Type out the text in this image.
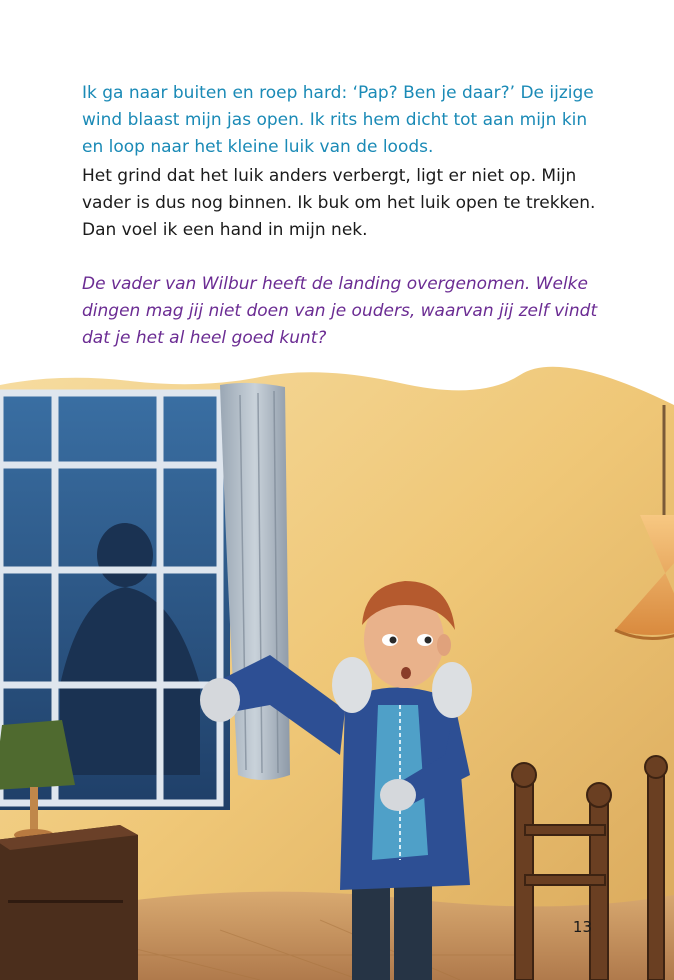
Ik ga naar buiten en roep hard: ‘Pap? Ben je daar?’ De ijzige
wind blaast mijn jas open. Ik rits hem dicht tot aan mijn kin
en loop naar het kleine luik van de loods.
Het grind dat het luik anders verbergt, ligt er niet op. Mijn
vader is dus nog binnen. Ik buk om het luik open te trekken.
Dan voel ik een hand in mijn nek.
De vader van Wilbur heeft de landing overgenomen. Welke
dingen mag jij niet doen van je ouders, waarvan jij zelf vindt
dat je het al heel goed kunt?
13
